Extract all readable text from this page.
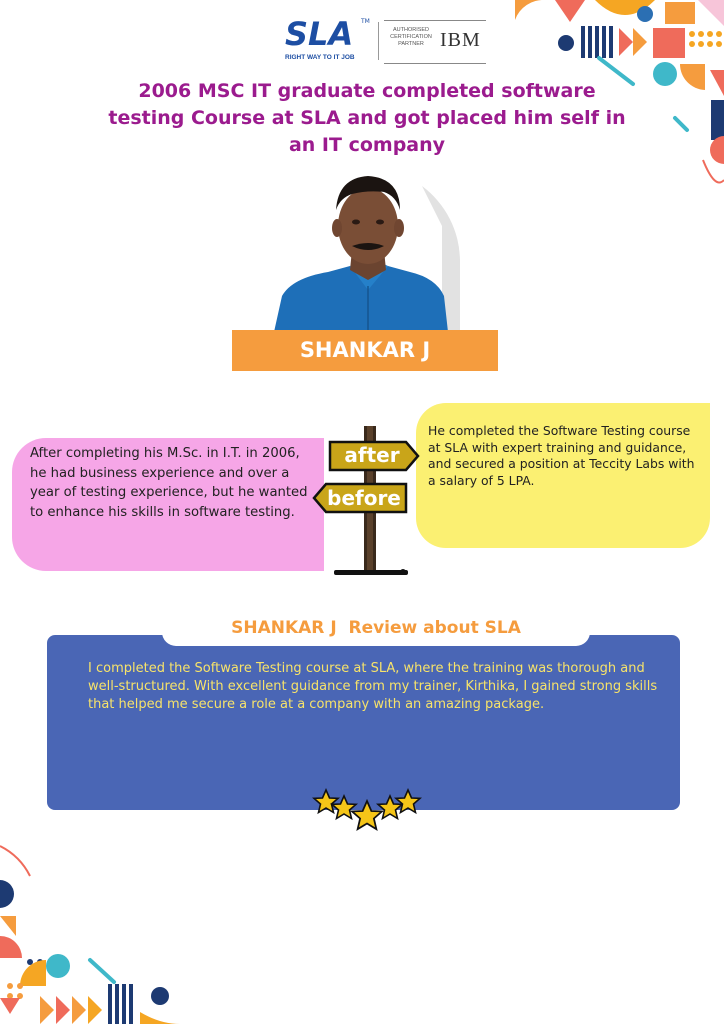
SLA TM
RIGHT WAY TO IT JOB
AUTHORISED
CERTIFICATION
PARTNER IBM
2006 MSC IT graduate completed software testing Course at SLA and got placed him self in an IT company
SHANKAR J
After completing his M.Sc. in I.T. in 2006, he had business experience and over a year of testing experience, but he wanted to enhance his skills in software testing.
He completed the Software Testing course at SLA with expert training and guidance, and secured a position at Teccity Labs with a salary of 5 LPA.
after
before
SHANKAR J  Review about SLA
I completed the Software Testing course at SLA, where the training was thorough and well-structured. With excellent guidance from my trainer, Kirthika, I gained strong skills that helped me secure a role at a company with an amazing package.
